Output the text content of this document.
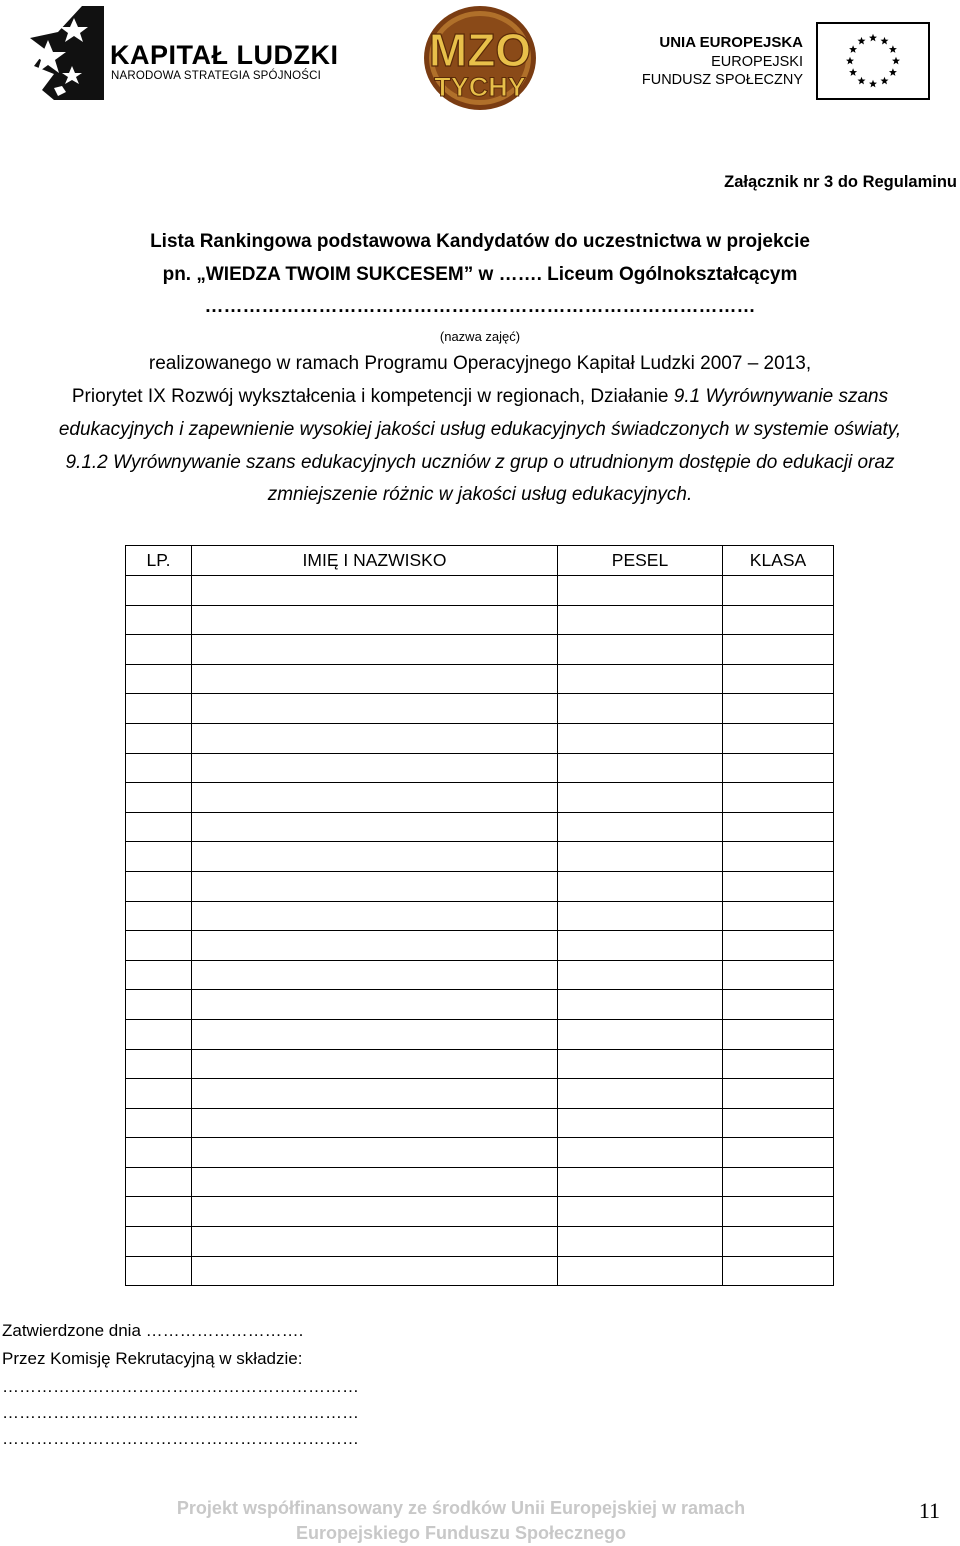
KAPITAŁ LUDZKI
NARODOWA STRATEGIA SPÓJNOŚCI MZO
TYCHY
UNIA EUROPEJSKA
EUROPEJSKI
FUNDUSZ SPOŁECZNY
Załącznik nr 3 do Regulaminu
Lista Rankingowa podstawowa Kandydatów do uczestnictwa w projekcie
pn. „WIEDZA TWOIM SUKCESEM” w ……. Liceum Ogólnokształcącym
……………………………………………………………………………
(nazwa zajęć)
realizowanego w ramach Programu Operacyjnego Kapitał Ludzki 2007 – 2013,
Priorytet IX Rozwój wykształcenia i kompetencji w regionach, Działanie 9.1 Wyrównywanie szans
edukacyjnych i zapewnienie wysokiej jakości usług edukacyjnych świadczonych w systemie oświaty,
9.1.2 Wyrównywanie szans edukacyjnych uczniów z grup o utrudnionym dostępie do edukacji oraz
zmniejszenie różnic w jakości usług edukacyjnych.
LP.	IMIĘ I NAZWISKO	PESEL	KLASA

Zatwierdzone dnia ……………………….
Przez Komisję Rekrutacyjną w składzie:
………………………………………………………
………………………………………………………
………………………………………………………
Projekt współfinansowany ze środków Unii Europejskiej w ramach
Europejskiego Funduszu Społecznego
11
